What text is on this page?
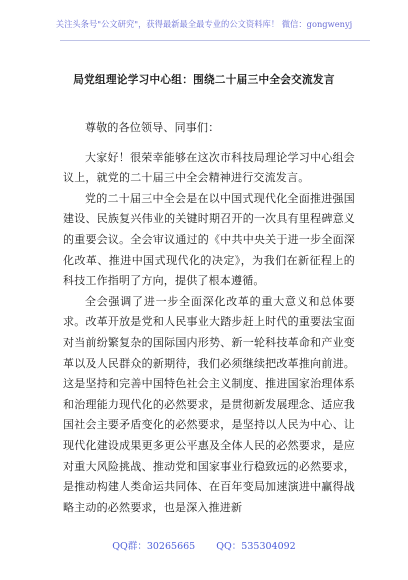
关注头条号"公文研究"，获得最新最全最专业的公文资料库！ 微信：gongwenyj
局党组理论学习中心组：围绕二十届三中全会交流发言

尊敬的各位领导、同事们：

大家好！很荣幸能够在这次市科技局理论学习中心组会议上，就党的二十届三中全会精神进行交流发言。

党的二十届三中全会是在以中国式现代化全面推进强国建设、民族复兴伟业的关键时期召开的一次具有里程碑意义的重要会议。全会审议通过的《中共中央关于进一步全面深化改革、推进中国式现代化的决定》，为我们在新征程上的科技工作指明了方向，提供了根本遵循。

全会强调了进一步全面深化改革的重大意义和总体要求。改革开放是党和人民事业大踏步赶上时代的重要法宝面对当前纷繁复杂的国际国内形势、新一轮科技革命和产业变革以及人民群众的新期待，我们必须继续把改革推向前进。这是坚持和完善中国特色社会主义制度、推进国家治理体系和治理能力现代化的必然要求，是贯彻新发展理念、适应我国社会主要矛盾变化的必然要求，是坚持以人民为中心、让现代化建设成果更多更公平惠及全体人民的必然要求，是应对重大风险挑战、推动党和国家事业行稳致远的必然要求，是推动构建人类命运共同体、在百年变局加速演进中赢得战略主动的必然要求，也是深入推进新

QQ群：30265665 QQ：535304092
